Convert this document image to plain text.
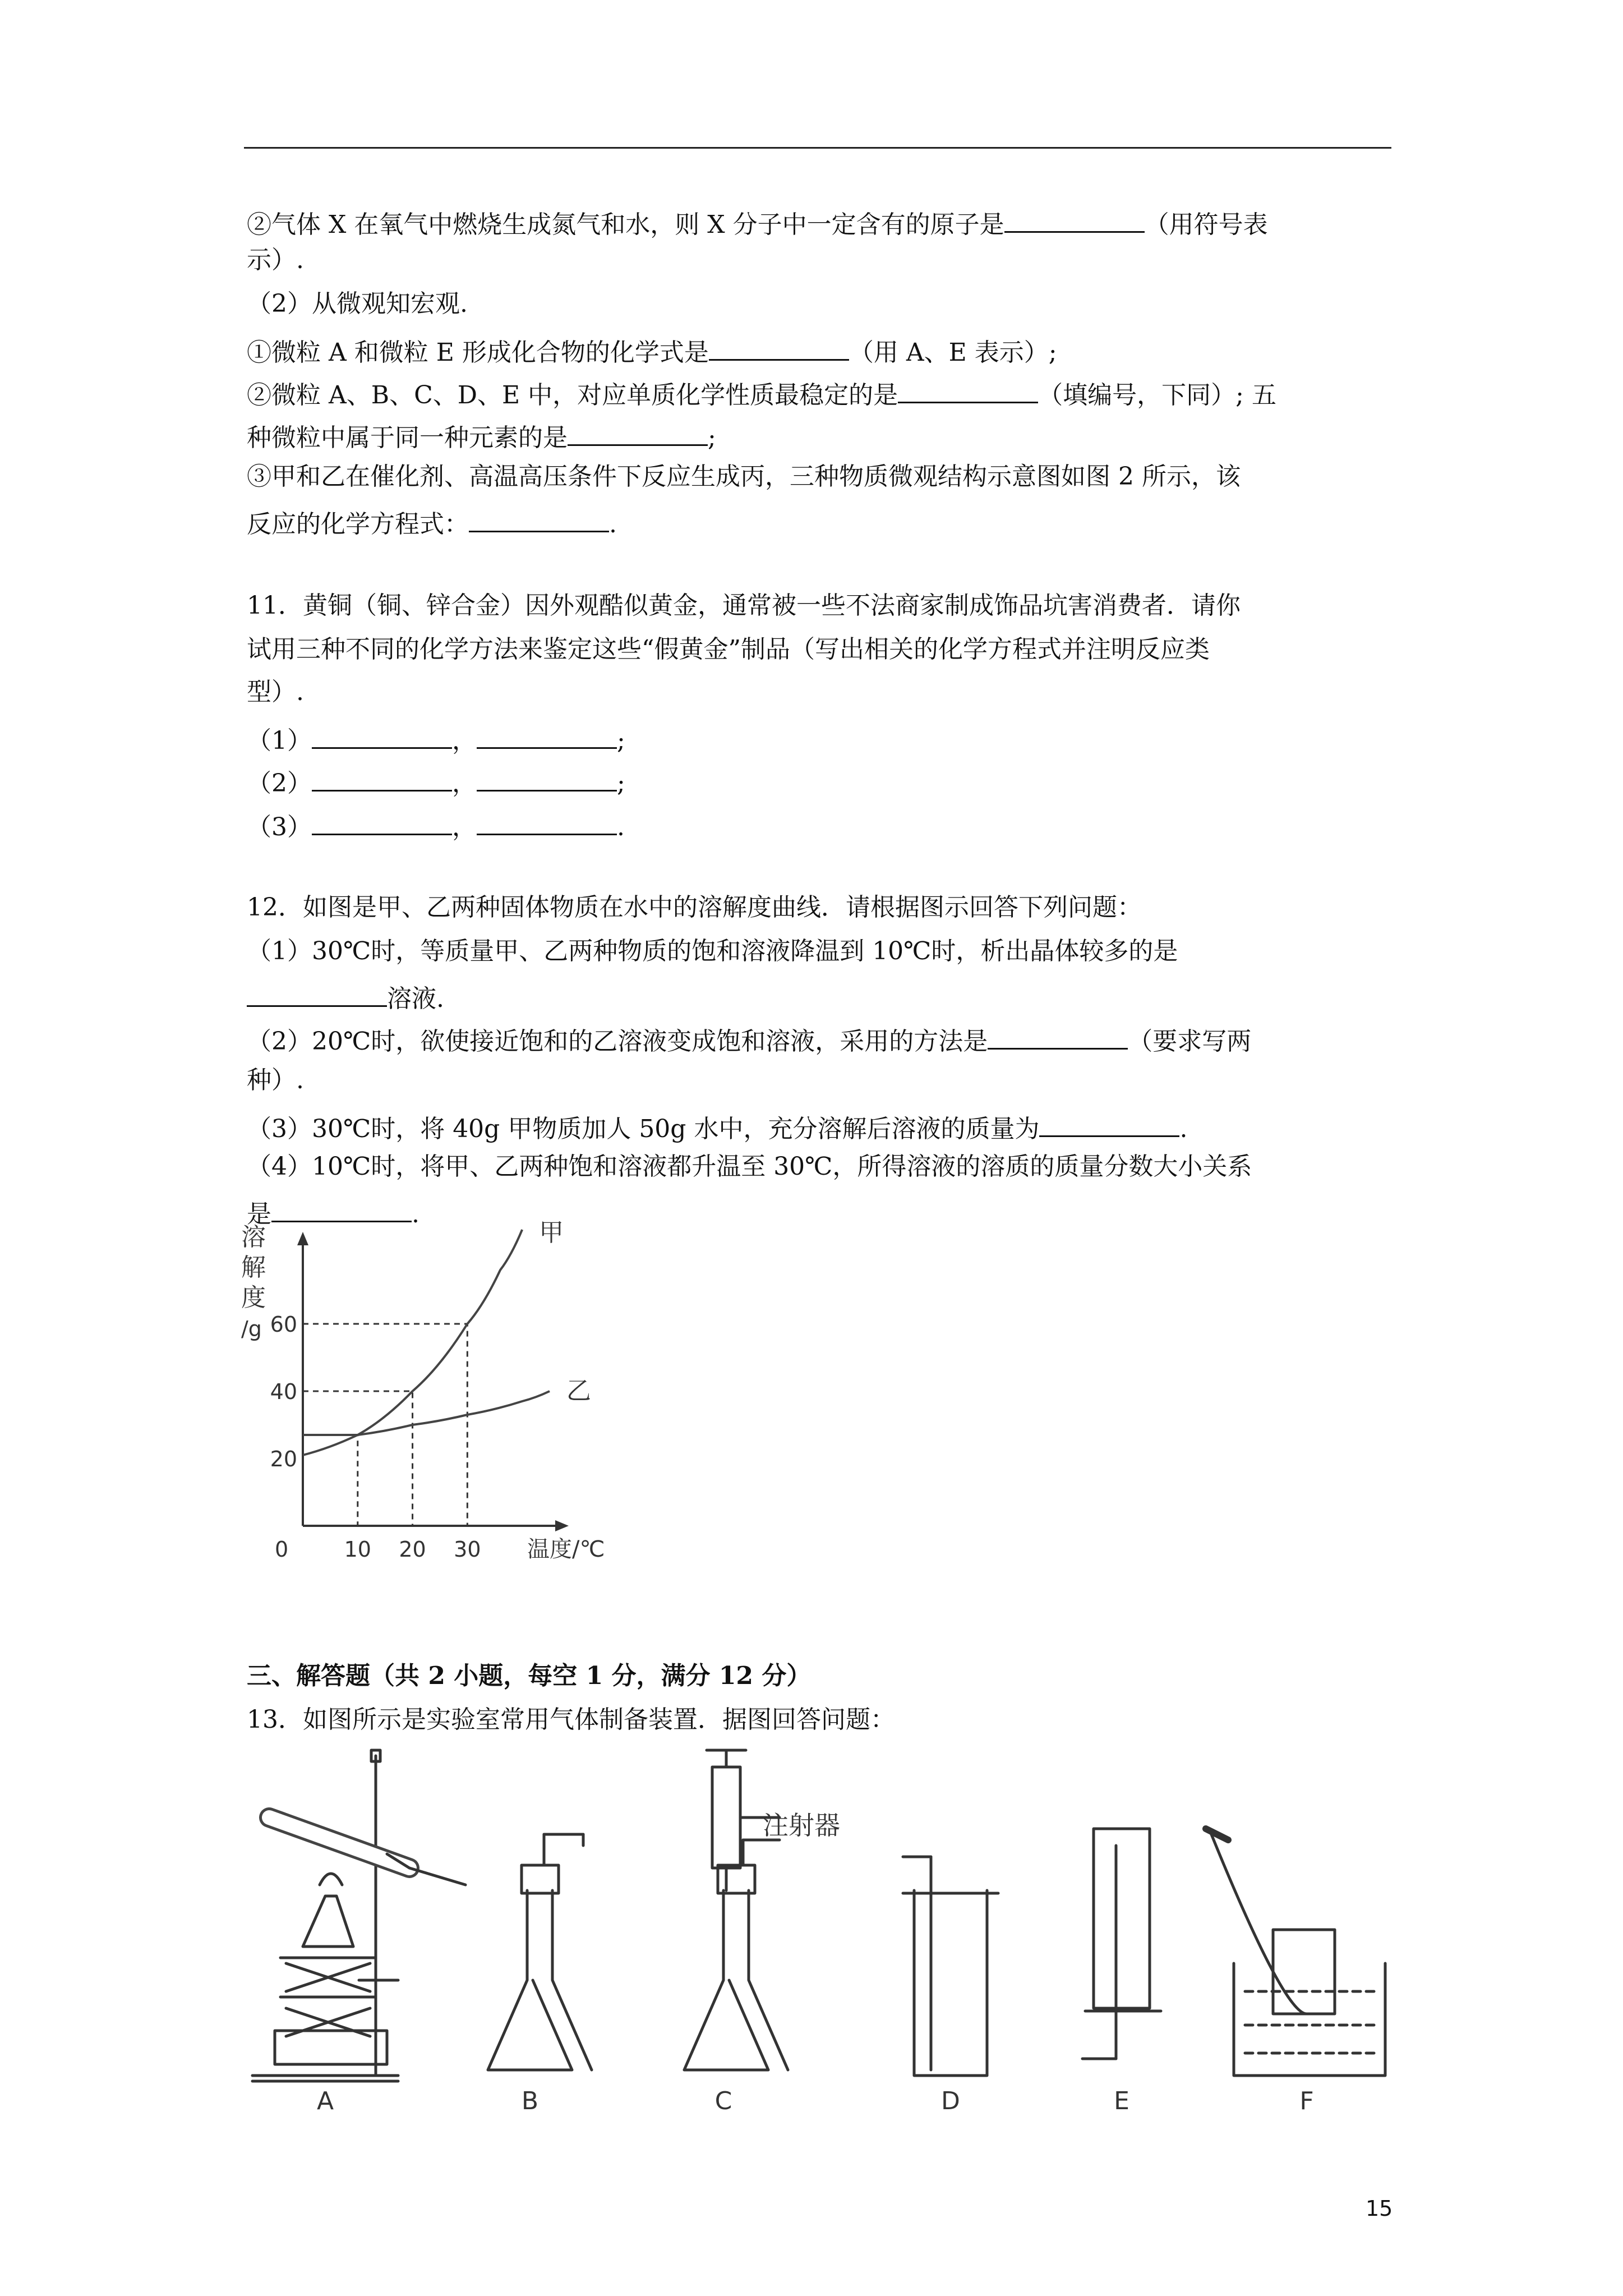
②气体 X 在氧气中燃烧生成氮气和水，则 X 分子中一定含有的原子是	（用符号表
示）.
（2）从微观知宏观.
①微粒 A 和微粒 E 形成化合物的化学式是	（用 A、E 表示）;
②微粒 A、B、C、D、E 中，对应单质化学性质最稳定的是	（填编号，下同）; 五
种微粒中属于同一种元素的是	;
③甲和乙在催化剂、高温高压条件下反应生成丙，三种物质微观结构示意图如图 2 所示，该
反应的化学方程式：	.
11．黄铜（铜、锌合金）因外观酷似黄金，通常被一些不法商家制成饰品坑害消费者．请你
试用三种不同的化学方法来鉴定这些“假黄金”制品（写出相关的化学方程式并注明反应类
型）.
（1）	，	;
（2）	，	;
（3）	，	.
12．如图是甲、乙两种固体物质在水中的溶解度曲线．请根据图示回答下列问题：
（1）30℃时，等质量甲、乙两种物质的饱和溶液降温到 10℃时，析出晶体较多的是
溶液.
（2）20℃时，欲使接近饱和的乙溶液变成饱和溶液，采用的方法是	（要求写两
种）.
（3）30℃时，将 40g 甲物质加人 50g 水中，充分溶解后溶液的质量为	.
（4）10℃时，将甲、乙两种饱和溶液都升温至 30℃，所得溶液的溶质的质量分数大小关系
是	.
0	10 20 30
20
40
60
甲
乙
溶
解
度
/g
温度/℃
三、解答题（共 2 小题，每空 1 分，满分 12 分）
13．如图所示是实验室常用气体制备装置．据图回答问题：
A	B	C	D	E	F
注射器
15
